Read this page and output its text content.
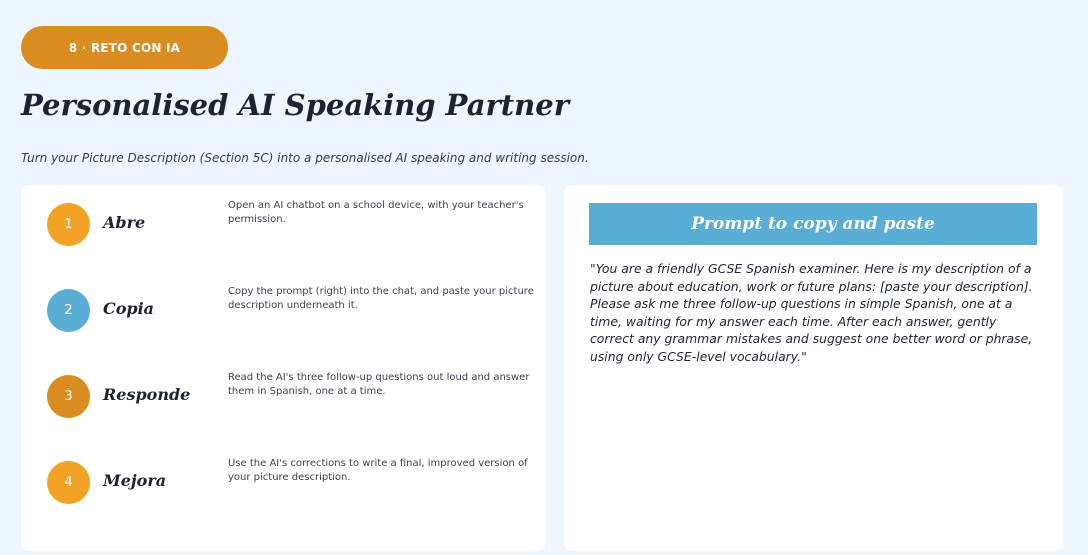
8 · RETO CON IA
Personalised AI Speaking Partner
Turn your Picture Description (Section 5C) into a personalised AI speaking and writing session.
1	Abre
Open an AI chatbot on a school device, with your teacher's permission.
2	Copia
Copy the prompt (right) into the chat, and paste your picture description underneath it.
3	Responde
Read the AI's three follow-up questions out loud and answer them in Spanish, one at a time.
4	Mejora
Use the AI's corrections to write a final, improved version of your picture description.
Prompt to copy and paste
"You are a friendly GCSE Spanish examiner. Here is my description of a picture about education, work or future plans: [paste your description]. Please ask me three follow-up questions in simple Spanish, one at a time, waiting for my answer each time. After each answer, gently correct any grammar mistakes and suggest one better word or phrase, using only GCSE-level vocabulary."
